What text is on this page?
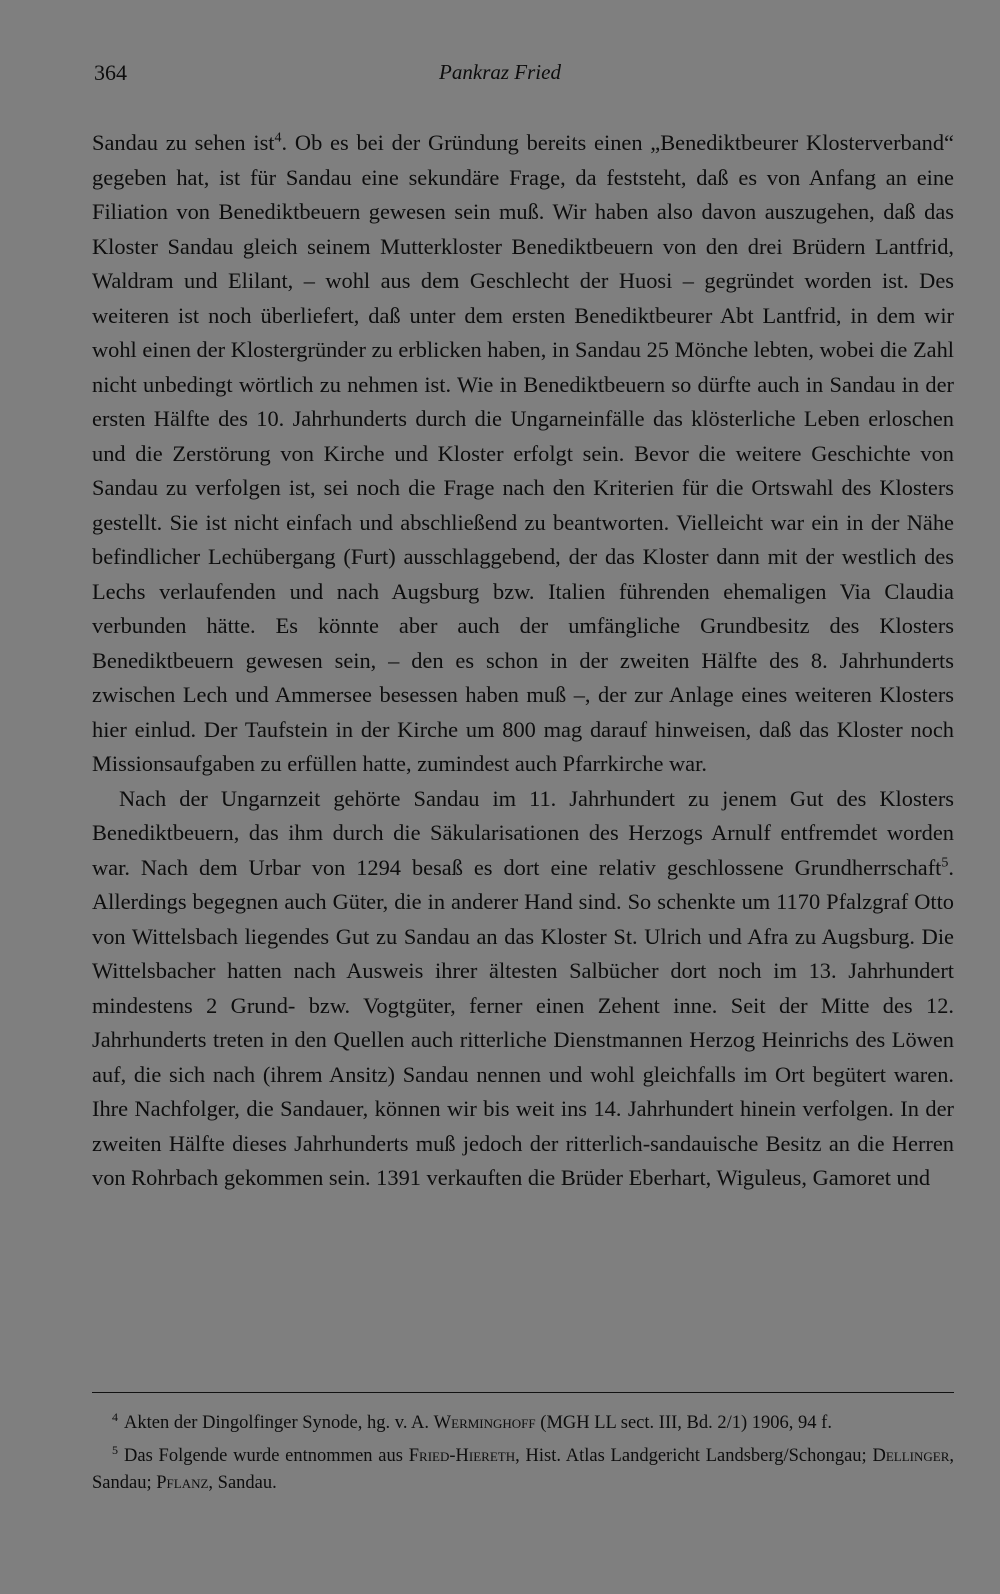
364	Pankraz Fried

Sandau zu sehen ist$^4$. Ob es bei der Gründung bereits einen „Benediktbeurer Klosterverband“ gegeben hat, ist für Sandau eine sekundäre Frage, da feststeht, daß es von Anfang an eine Filiation von Benediktbeuern gewesen sein muß. Wir haben also davon auszugehen, daß das Kloster Sandau gleich seinem Mutterkloster Benediktbeuern von den drei Brüdern Lantfrid, Waldram und Elilant, – wohl aus dem Geschlecht der Huosi – gegründet worden ist. Des weiteren ist noch überliefert, daß unter dem ersten Benediktbeurer Abt Lantfrid, in dem wir wohl einen der Klostergründer zu erblicken haben, in Sandau 25 Mönche lebten, wobei die Zahl nicht unbedingt wörtlich zu nehmen ist. Wie in Benediktbeuern so dürfte auch in Sandau in der ersten Hälfte des 10. Jahrhunderts durch die Ungarneinfälle das klösterliche Leben erloschen und die Zerstörung von Kirche und Kloster erfolgt sein. Bevor die weitere Geschichte von Sandau zu verfolgen ist, sei noch die Frage nach den Kriterien für die Ortswahl des Klosters gestellt. Sie ist nicht einfach und abschließend zu beantworten. Vielleicht war ein in der Nähe befindlicher Lechübergang (Furt) ausschlaggebend, der das Kloster dann mit der westlich des Lechs verlaufenden und nach Augsburg bzw. Italien führenden ehemaligen Via Claudia verbunden hätte. Es könnte aber auch der umfängliche Grundbesitz des Klosters Benediktbeuern gewesen sein, – den es schon in der zweiten Hälfte des 8. Jahrhunderts zwischen Lech und Ammersee besessen haben muß –, der zur Anlage eines weiteren Klosters hier einlud. Der Taufstein in der Kirche um 800 mag darauf hinweisen, daß das Kloster noch Missionsaufgaben zu erfüllen hatte, zumindest auch Pfarrkirche war.

Nach der Ungarnzeit gehörte Sandau im 11. Jahrhundert zu jenem Gut des Klosters Benediktbeuern, das ihm durch die Säkularisationen des Herzogs Arnulf entfremdet worden war. Nach dem Urbar von 1294 besaß es dort eine relativ geschlossene Grundherrschaft$^5$. Allerdings begegnen auch Güter, die in anderer Hand sind. So schenkte um 1170 Pfalzgraf Otto von Wittelsbach liegendes Gut zu Sandau an das Kloster St. Ulrich und Afra zu Augsburg. Die Wittelsbacher hatten nach Ausweis ihrer ältesten Salbücher dort noch im 13. Jahrhundert mindestens 2 Grund- bzw. Vogtgüter, ferner einen Zehent inne. Seit der Mitte des 12. Jahrhunderts treten in den Quellen auch ritterliche Dienstmannen Herzog Heinrichs des Löwen auf, die sich nach (ihrem Ansitz) Sandau nennen und wohl gleichfalls im Ort begütert waren. Ihre Nachfolger, die Sandauer, können wir bis weit ins 14. Jahrhundert hinein verfolgen. In der zweiten Hälfte dieses Jahrhunderts muß jedoch der ritterlich-sandauische Besitz an die Herren von Rohrbach gekommen sein. 1391 verkauften die Brüder Eberhart, Wiguleus, Gamoret und

$^4$ Akten der Dingolfinger Synode, hg. v. A. Werminghoff (MGH LL sect. III, Bd. 2/1) 1906, 94 f.

$^5$ Das Folgende wurde entnommen aus Fried-Hiereth, Hist. Atlas Landgericht Landsberg/Schongau; Dellinger, Sandau; Pflanz, Sandau.
